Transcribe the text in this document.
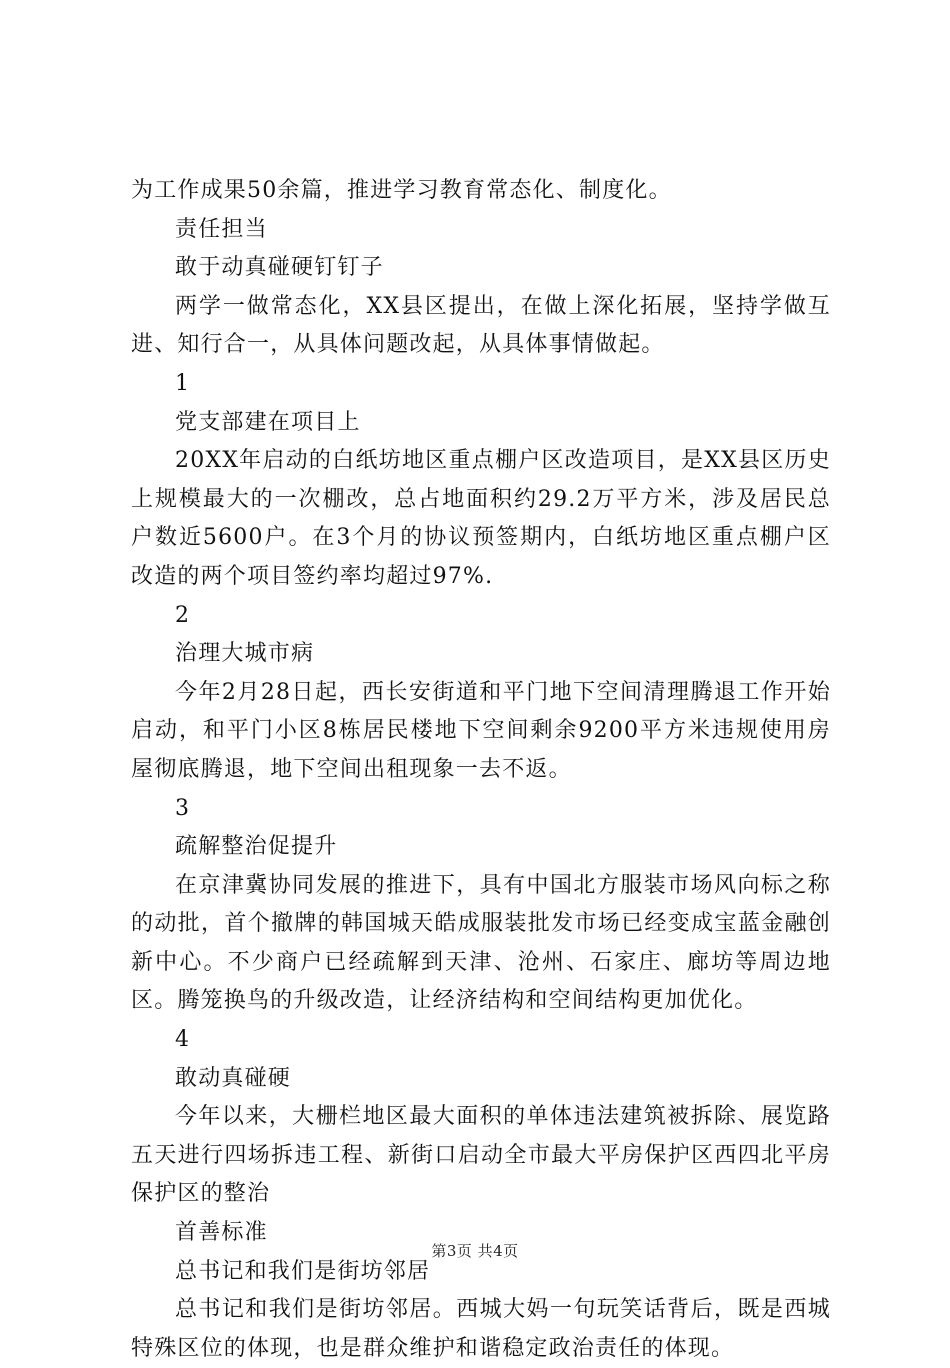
为工作成果50余篇，推进学习教育常态化、制度化。

责任担当

敢于动真碰硬钉钉子

两学一做常态化，XX县区提出，在做上深化拓展，坚持学做互进、知行合一，从具体问题改起，从具体事情做起。

1

党支部建在项目上

20XX年启动的白纸坊地区重点棚户区改造项目，是XX县区历史上规模最大的一次棚改，总占地面积约29.2万平方米，涉及居民总户数近5600户。在3个月的协议预签期内，白纸坊地区重点棚户区改造的两个项目签约率均超过97%.

2

治理大城市病

今年2月28日起，西长安街道和平门地下空间清理腾退工作开始启动，和平门小区8栋居民楼地下空间剩余9200平方米违规使用房屋彻底腾退，地下空间出租现象一去不返。

3

疏解整治促提升

在京津冀协同发展的推进下，具有中国北方服装市场风向标之称的动批，首个撤牌的韩国城天皓成服装批发市场已经变成宝蓝金融创新中心。不少商户已经疏解到天津、沧州、石家庄、廊坊等周边地区。腾笼换鸟的升级改造，让经济结构和空间结构更加优化。

4

敢动真碰硬

今年以来，大栅栏地区最大面积的单体违法建筑被拆除、展览路五天进行四场拆违工程、新街口启动全市最大平房保护区西四北平房保护区的整治

首善标准

总书记和我们是街坊邻居

总书记和我们是街坊邻居。西城大妈一句玩笑话背后，既是西城特殊区位的体现，也是群众维护和谐稳定政治责任的体现。

第3页 共4页
